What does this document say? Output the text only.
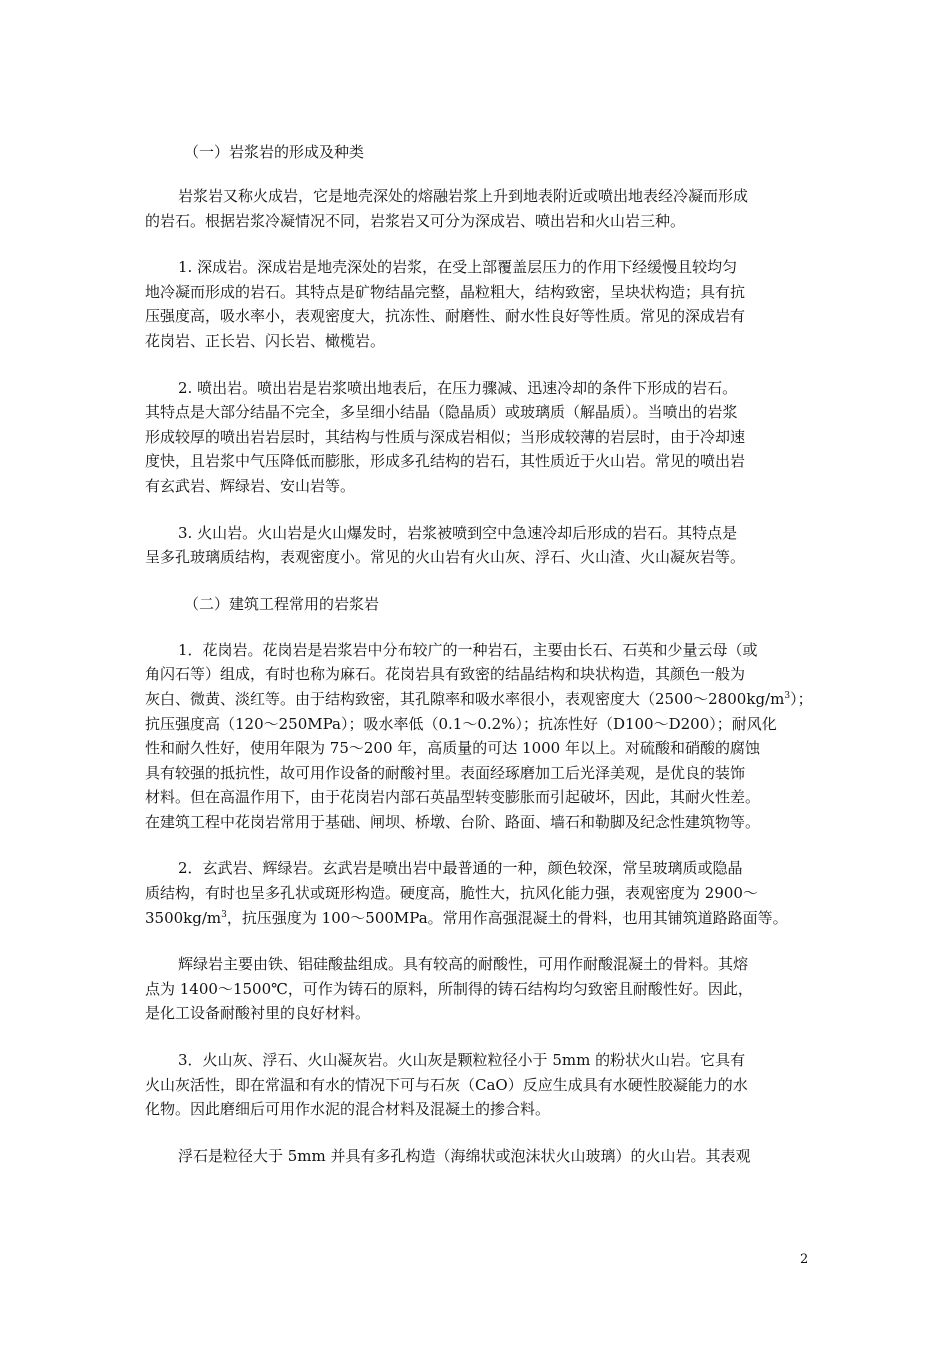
（一）岩浆岩的形成及种类

岩浆岩又称火成岩，它是地壳深处的熔融岩浆上升到地表附近或喷出地表经冷凝而形成
的岩石。根据岩浆冷凝情况不同，岩浆岩又可分为深成岩、喷出岩和火山岩三种。

1. 深成岩。深成岩是地壳深处的岩浆，在受上部覆盖层压力的作用下经缓慢且较均匀
地冷凝而形成的岩石。其特点是矿物结晶完整，晶粒粗大，结构致密，呈块状构造；具有抗
压强度高，吸水率小，表观密度大，抗冻性、耐磨性、耐水性良好等性质。常见的深成岩有
花岗岩、正长岩、闪长岩、橄榄岩。

2. 喷出岩。喷出岩是岩浆喷出地表后，在压力骤减、迅速冷却的条件下形成的岩石。
其特点是大部分结晶不完全，多呈细小结晶（隐晶质）或玻璃质（解晶质）。当喷出的岩浆
形成较厚的喷出岩岩层时，其结构与性质与深成岩相似；当形成较薄的岩层时，由于冷却速
度快，且岩浆中气压降低而膨胀，形成多孔结构的岩石，其性质近于火山岩。常见的喷出岩
有玄武岩、辉绿岩、安山岩等。

3. 火山岩。火山岩是火山爆发时，岩浆被喷到空中急速冷却后形成的岩石。其特点是
呈多孔玻璃质结构，表观密度小。常见的火山岩有火山灰、浮石、火山渣、火山凝灰岩等。

（二）建筑工程常用的岩浆岩

1．花岗岩。花岗岩是岩浆岩中分布较广的一种岩石，主要由长石、石英和少量云母（或
角闪石等）组成，有时也称为麻石。花岗岩具有致密的结晶结构和块状构造，其颜色一般为
灰白、微黄、淡红等。由于结构致密，其孔隙率和吸水率很小，表观密度大$(2500\sim 2800kg/m^3)$；
抗压强度高（120～250MPa）；吸水率低（0.1～0.2%）；抗冻性好（D100～D200）；耐风化
性和耐久性好，使用年限为 75～200 年，高质量的可达 1000 年以上。对硫酸和硝酸的腐蚀
具有较强的抵抗性，故可用作设备的耐酸衬里。表面经琢磨加工后光泽美观，是优良的装饰
材料。但在高温作用下，由于花岗岩内部石英晶型转变膨胀而引起破坏，因此，其耐火性差。
在建筑工程中花岗岩常用于基础、闸坝、桥墩、台阶、路面、墙石和勒脚及纪念性建筑物等。

2．玄武岩、辉绿岩。玄武岩是喷出岩中最普通的一种，颜色较深，常呈玻璃质或隐晶
质结构，有时也呈多孔状或斑形构造。硬度高，脆性大，抗风化能力强，表观密度为 2900～
$3500kg/m^3$，抗压强度为 100～500MPa。常用作高强混凝土的骨料，也用其铺筑道路路面等。

辉绿岩主要由铁、铝硅酸盐组成。具有较高的耐酸性，可用作耐酸混凝土的骨料。其熔
点为 1400～1500℃，可作为铸石的原料，所制得的铸石结构均匀致密且耐酸性好。因此，
是化工设备耐酸衬里的良好材料。

3．火山灰、浮石、火山凝灰岩。火山灰是颗粒粒径小于 5mm 的粉状火山岩。它具有
火山灰活性，即在常温和有水的情况下可与石灰（CaO）反应生成具有水硬性胶凝能力的水
化物。因此磨细后可用作水泥的混合材料及混凝土的掺合料。

浮石是粒径大于 5mm 并具有多孔构造（海绵状或泡沫状火山玻璃）的火山岩。其表观

2
